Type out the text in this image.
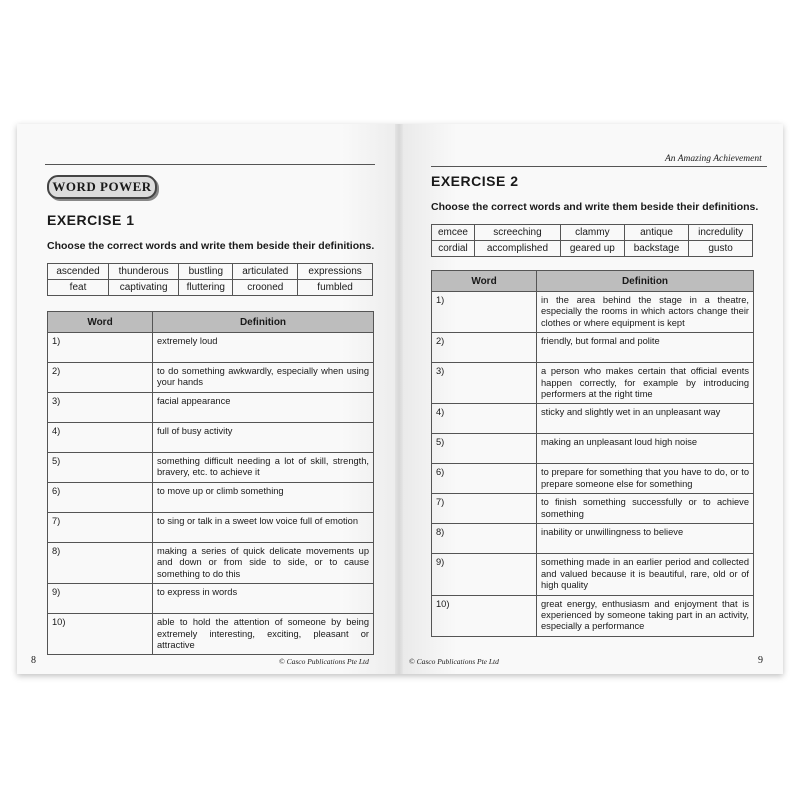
WORD POWER
EXERCISE 1
Choose the correct words and write them beside their definitions.
ascended	thunderous	bustling	articulated	expressions
feat	captivating	fluttering	crooned	fumbled
Word	Definition
1)	extremely loud
2)	to do something awkwardly, especially when using your hands
3)	facial appearance
4)	full of busy activity
5)	something difficult needing a lot of skill, strength, bravery, etc. to achieve it
6)	to move up or climb something
7)	to sing or talk in a sweet low voice full of emotion
8)	making a series of quick delicate movements up and down or from side to side, or to cause something to do this
9)	to express in words
10)	able to hold the attention of someone by being extremely interesting, exciting, pleasant or attractive
8	© Casco Publications Pte Ltd
An Amazing Achievement
EXERCISE 2
Choose the correct words and write them beside their definitions.
emcee	screeching	clammy	antique	incredulity
cordial	accomplished	geared up	backstage	gusto
Word	Definition
1)	in the area behind the stage in a theatre, especially the rooms in which actors change their clothes or where equipment is kept
2)	friendly, but formal and polite
3)	a person who makes certain that official events happen correctly, for example by introducing performers at the right time
4)	sticky and slightly wet in an unpleasant way
5)	making an unpleasant loud high noise
6)	to prepare for something that you have to do, or to prepare someone else for something
7)	to finish something successfully or to achieve something
8)	inability or unwillingness to believe
9)	something made in an earlier period and collected and valued because it is beautiful, rare, old or of high quality
10)	great energy, enthusiasm and enjoyment that is experienced by someone taking part in an activity, especially a performance
© Casco Publications Pte Ltd	9
